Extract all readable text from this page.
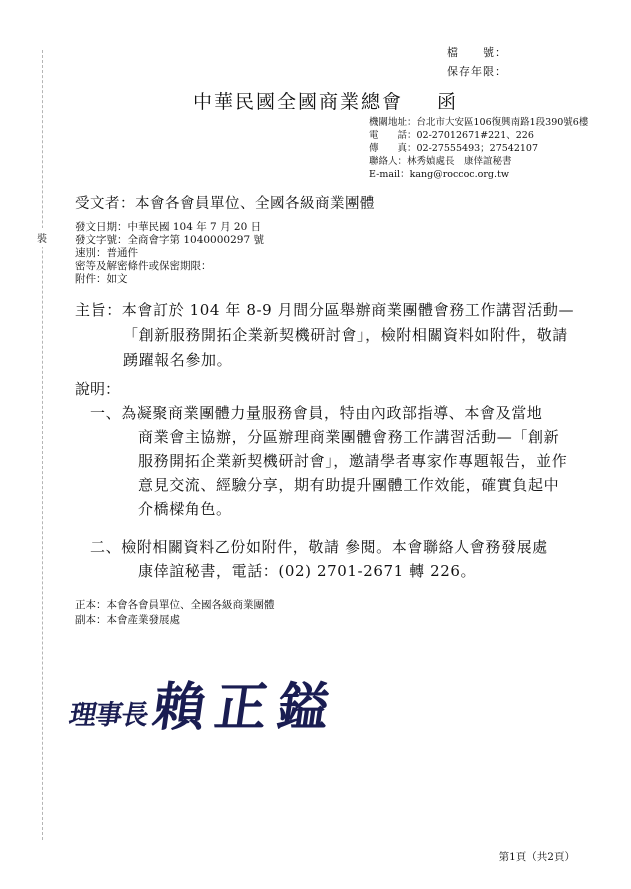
裝
檔　　號：
保存年限：
中華民國全國商業總會 函
機關地址：台北市大安區106復興南路1段390號6樓
電　　話：02-27012671#221、226
傳　　真：02-27555493；27542107
聯絡人：林秀媜處長　康倖誼秘書
E-mail：kang@roccoc.org.tw
受文者：本會各會員單位、全國各級商業團體
發文日期：中華民國 104 年 7 月 20 日
發文字號：全商會字第 1040000297 號
速別：普通件
密等及解密條件或保密期限：
附件：如文
主旨：本會訂於 104 年 8-9 月間分區舉辦商業團體會務工作講習活動—
「創新服務開拓企業新契機研討會」，檢附相關資料如附件，敬請
踴躍報名參加。
說明：
一、為凝聚商業團體力量服務會員，特由內政部指導、本會及當地
商業會主協辦，分區辦理商業團體會務工作講習活動—「創新
服務開拓企業新契機研討會」，邀請學者專家作專題報告，並作
意見交流、經驗分享，期有助提升團體工作效能，確實負起中
介橋樑角色。
二、檢附相關資料乙份如附件，敬請 參閱。本會聯絡人會務發展處
康倖誼秘書，電話：(02) 2701-2671 轉 226。
正本：本會各會員單位、全國各級商業團體
副本：本會產業發展處
理事長
賴正鎰
第1頁（共2頁）
